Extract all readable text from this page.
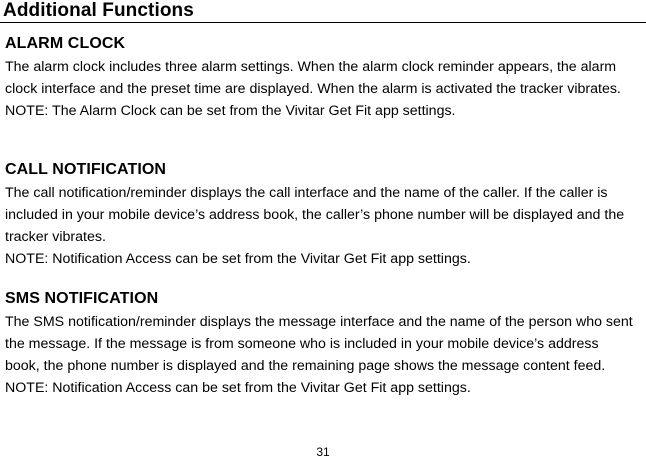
Additional Functions
ALARM CLOCK

The alarm clock includes three alarm settings. When the alarm clock reminder appears, the alarm clock interface and the preset time are displayed. When the alarm is activated the tracker vibrates.

NOTE: The Alarm Clock can be set from the Vivitar Get Fit app settings.

CALL NOTIFICATION

The call notification/reminder displays the call interface and the name of the caller. If the caller is included in your mobile device’s address book, the caller’s phone number will be displayed and the tracker vibrates.

NOTE: Notification Access can be set from the Vivitar Get Fit app settings.

SMS NOTIFICATION

The SMS notification/reminder displays the message interface and the name of the person who sent the message. If the message is from someone who is included in your mobile device’s address book, the phone number is displayed and the remaining page shows the message content feed.

NOTE: Notification Access can be set from the Vivitar Get Fit app settings.

31
